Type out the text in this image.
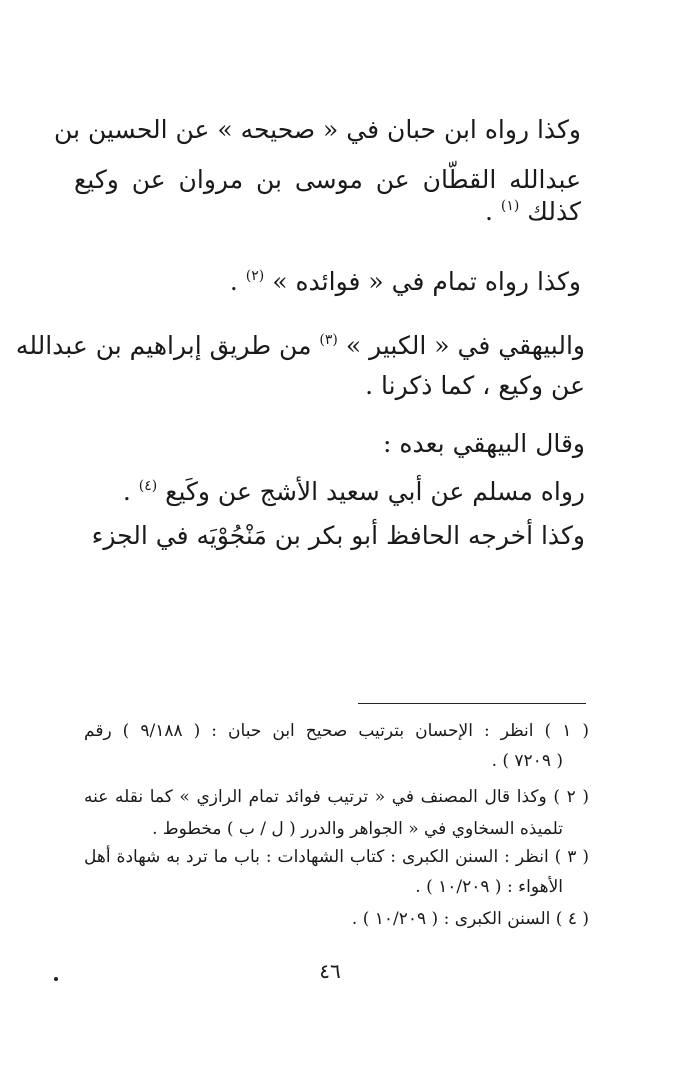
وكذا رواه ابن حبان في « صحيحه » عن الحسين بن
عبدالله القطّان عن موسى بن مروان عن وكيع
كذلك $^{(١)}$ .
وكذا رواه تمام في « فوائده » $^{(٢)}$ .
والبيهقي في « الكبير » $^{(٣)}$ من طريق إبراهيم بن عبدالله
عن وكيع ، كما ذكرنا .
وقال البيهقي بعده :
رواه مسلم عن أبي سعيد الأشج عن وكَيع $^{(٤)}$ .
وكذا أخرجه الحافظ أبو بكر بن مَنْجُوْيَه في الجزء
( ١ ) انظر : الإحسان بترتيب صحيح ابن حبان : ( ٩/١٨٨ ) رقم
( ٧٢٠٩ ) .
( ٢ ) وكذا قال المصنف في « ترتيب فوائد تمام الرازي » كما نقله عنه
تلميذه السخاوي في « الجواهر والدرر ( ل / ب ) مخطوط .
( ٣ ) انظر : السنن الكبرى : كتاب الشهادات : باب ما ترد به شهادة أهل
الأهواء : ( ١٠/٢٠٩ ) .
( ٤ ) السنن الكبرى : ( ١٠/٢٠٩ ) .
٤٦
